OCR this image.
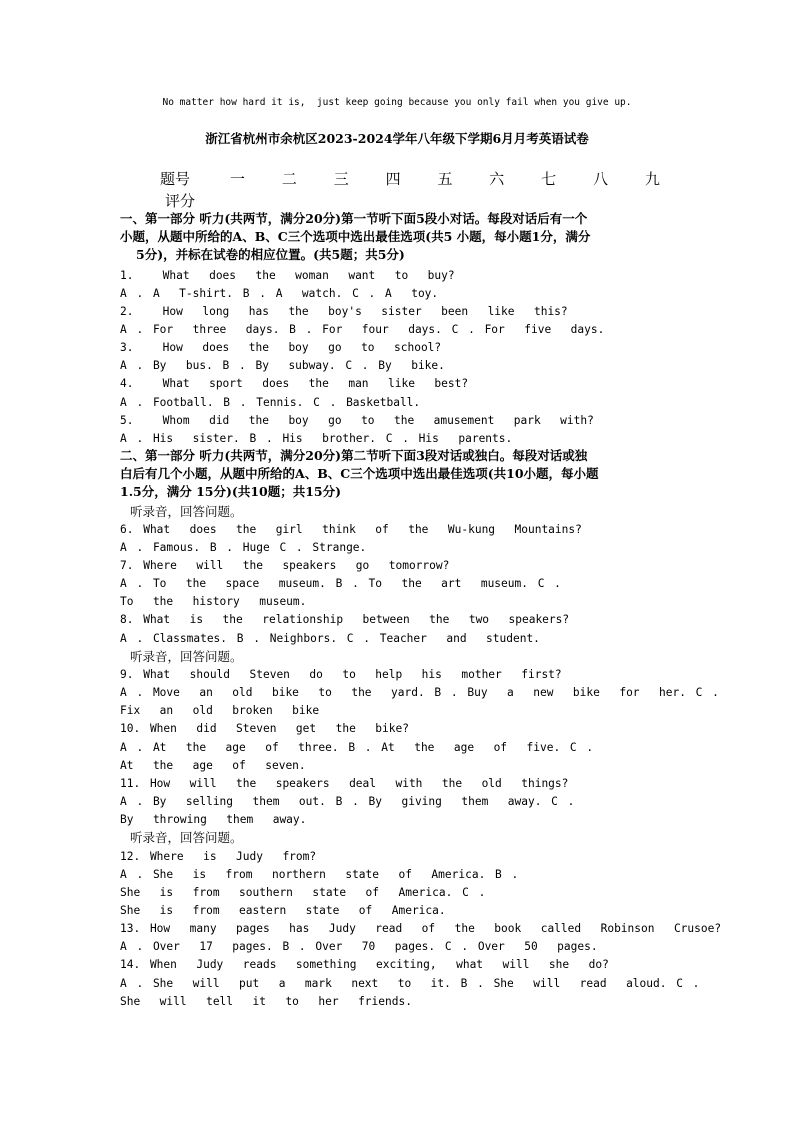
No matter how hard it is,  just keep going because you only fail when you give up.
浙江省杭州市余杭区2023-2024学年八年级下学期6月月考英语试卷
题号	一 二 三 四 五 六 七 八 九
评分
一、第一部分 听力(共两节，满分20分)第一节听下面5段小对话。每段对话后有一个
小题，从题中所给的A、B、C三个选项中选出最佳选项(共5 小题，每小题1分，满分

5分)，并标在试卷的相应位置。(共5题；共5分)
1.   What  does  the  woman  want  to  buy?
A . A  T-shirt. B . A  watch. C . A  toy.
2.   How  long  has  the  boy's  sister  been  like  this?
A . For  three  days. B . For  four  days. C . For  five  days.
3.   How  does  the  boy  go  to  school?
A . By  bus. B . By  subway. C . By  bike.
4.   What  sport  does  the  man  like  best?
A . Football. B . Tennis. C . Basketball.
5.   Whom  did  the  boy  go  to  the  amusement  park  with?
A . His  sister. B . His  brother. C . His  parents.
二、第一部分 听力(共两节，满分20分)第二节听下面3段对话或独白。每段对话或独
白后有几个小题，从题中所给的A、B、C三个选项中选出最佳选项(共10小题，每小题
1.5分，满分 15分)(共10题；共15分)
听录音，回答问题。
6. What  does  the  girl  think  of  the  Wu-kung  Mountains?
A . Famous. B . Huge C . Strange.
7. Where  will  the  speakers  go  tomorrow?
A . To  the  space  museum. B . To  the  art  museum. C .
To  the  history  museum.
8. What  is  the  relationship  between  the  two  speakers?
A . Classmates. B . Neighbors. C . Teacher  and  student.
听录音，回答问题。
9. What  should  Steven  do  to  help  his  mother  first?
A . Move  an  old  bike  to  the  yard. B . Buy  a  new  bike  for  her. C .
Fix  an  old  broken  bike
10. When  did  Steven  get  the  bike?
A . At  the  age  of  three. B . At  the  age  of  five. C .
At  the  age  of  seven.
11. How  will  the  speakers  deal  with  the  old  things?
A . By  selling  them  out. B . By  giving  them  away. C .
By  throwing  them  away.
听录音，回答问题。
12. Where  is  Judy  from?
A . She  is  from  northern  state  of  America. B .
She  is  from  southern  state  of  America. C .
She  is  from  eastern  state  of  America.
13. How  many  pages  has  Judy  read  of  the  book  called  Robinson  Crusoe?
A . Over  17  pages. B . Over  70  pages. C . Over  50  pages.
14. When  Judy  reads  something  exciting,  what  will  she  do?
A . She  will  put  a  mark  next  to  it. B . She  will  read  aloud. C .
She  will  tell  it  to  her  friends.
